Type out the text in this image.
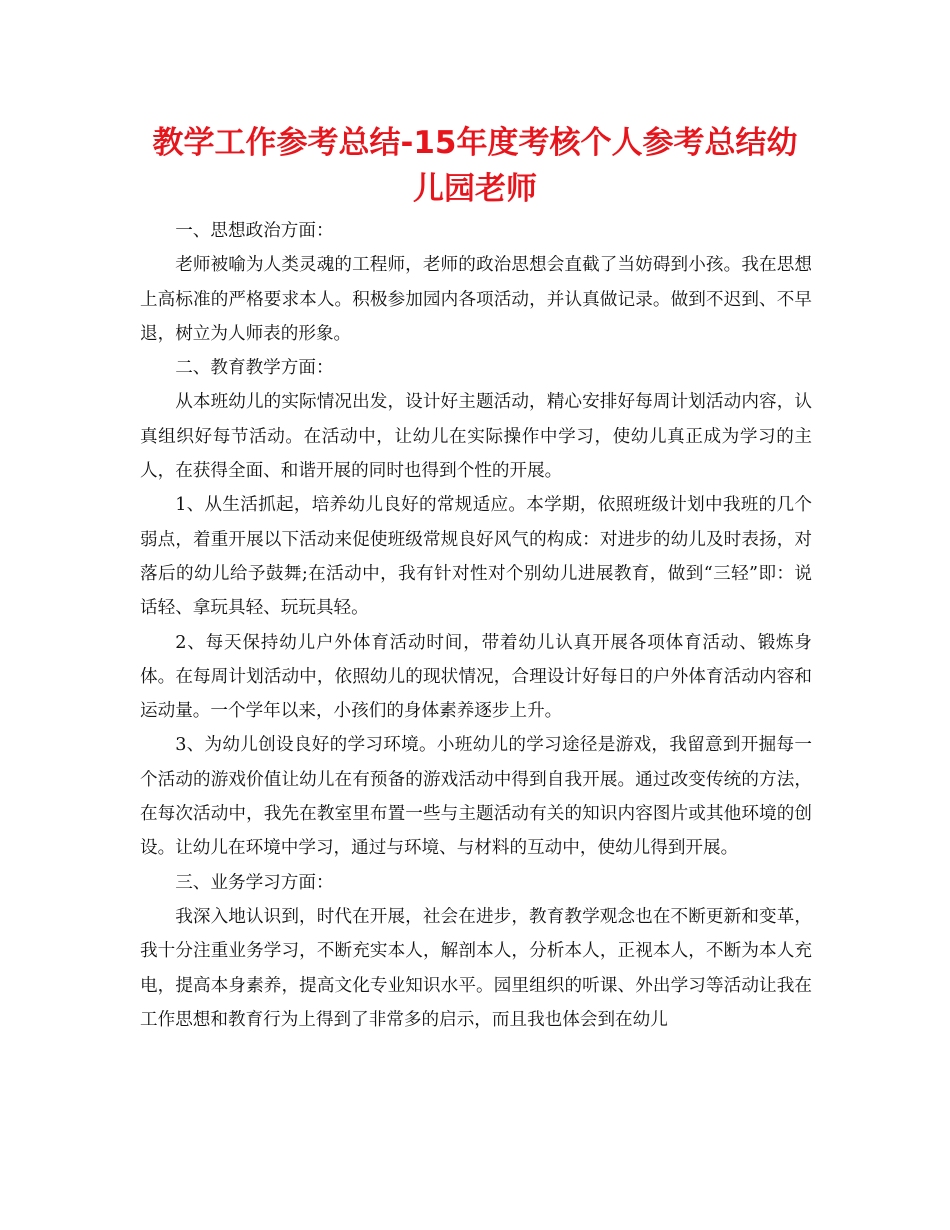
教学工作参考总结-15年度考核个人参考总结幼儿园老师

一、思想政治方面：

老师被喻为人类灵魂的工程师，老师的政治思想会直截了当妨碍到小孩。我在思想上高标准的严格要求本人。积极参加园内各项活动，并认真做记录。做到不迟到、不早退，树立为人师表的形象。

二、教育教学方面：

从本班幼儿的实际情况出发，设计好主题活动，精心安排好每周计划活动内容，认真组织好每节活动。在活动中，让幼儿在实际操作中学习，使幼儿真正成为学习的主人，在获得全面、和谐开展的同时也得到个性的开展。

1、从生活抓起，培养幼儿良好的常规适应。本学期，依照班级计划中我班的几个弱点，着重开展以下活动来促使班级常规良好风气的构成：对进步的幼儿及时表扬，对落后的幼儿给予鼓舞;在活动中，我有针对性对个别幼儿进展教育，做到“三轻”即：说话轻、拿玩具轻、玩玩具轻。

2、每天保持幼儿户外体育活动时间，带着幼儿认真开展各项体育活动、锻炼身体。在每周计划活动中，依照幼儿的现状情况，合理设计好每日的户外体育活动内容和运动量。一个学年以来，小孩们的身体素养逐步上升。

3、为幼儿创设良好的学习环境。小班幼儿的学习途径是游戏，我留意到开掘每一个活动的游戏价值让幼儿在有预备的游戏活动中得到自我开展。通过改变传统的方法，在每次活动中，我先在教室里布置一些与主题活动有关的知识内容图片或其他环境的创设。让幼儿在环境中学习，通过与环境、与材料的互动中，使幼儿得到开展。

三、业务学习方面：

我深入地认识到，时代在开展，社会在进步，教育教学观念也在不断更新和变革，我十分注重业务学习，不断充实本人，解剖本人，分析本人，正视本人，不断为本人充电，提高本身素养，提高文化专业知识水平。园里组织的听课、外出学习等活动让我在工作思想和教育行为上得到了非常多的启示，而且我也体会到在幼儿
